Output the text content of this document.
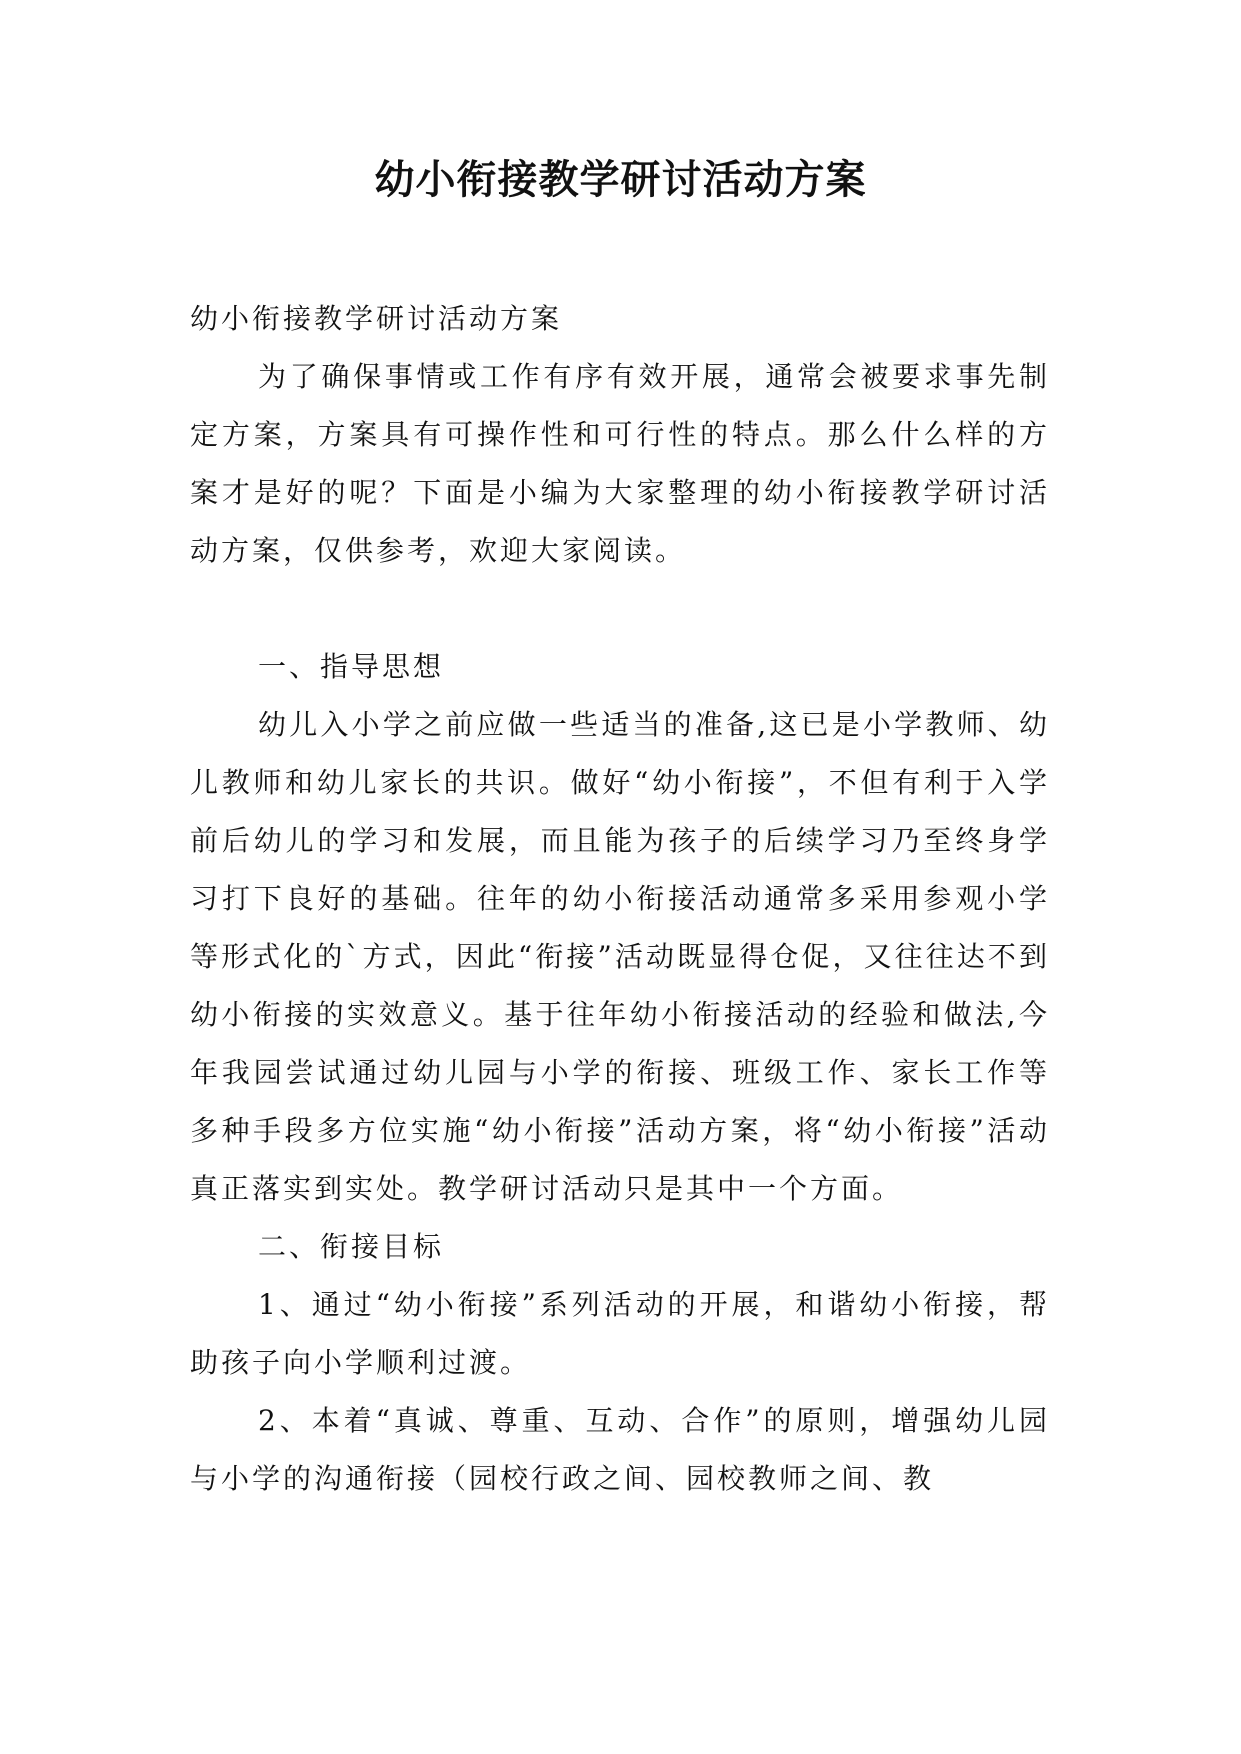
幼小衔接教学研讨活动方案

幼小衔接教学研讨活动方案

为了确保事情或工作有序有效开展，通常会被要求事先制定方案，方案具有可操作性和可行性的特点。那么什么样的方案才是好的呢？下面是小编为大家整理的幼小衔接教学研讨活动方案，仅供参考，欢迎大家阅读。

一、指导思想

幼儿入小学之前应做一些适当的准备,这已是小学教师、幼儿教师和幼儿家长的共识。做好“幼小衔接”，不但有利于入学前后幼儿的学习和发展，而且能为孩子的后续学习乃至终身学习打下良好的基础。往年的幼小衔接活动通常多采用参观小学等形式化的`方式，因此“衔接”活动既显得仓促，又往往达不到幼小衔接的实效意义。基于往年幼小衔接活动的经验和做法,今年我园尝试通过幼儿园与小学的衔接、班级工作、家长工作等多种手段多方位实施“幼小衔接”活动方案，将“幼小衔接”活动真正落实到实处。教学研讨活动只是其中一个方面。

二、衔接目标

1、通过“幼小衔接”系列活动的开展，和谐幼小衔接，帮助孩子向小学顺利过渡。

2、本着“真诚、尊重、互动、合作”的原则，增强幼儿园与小学的沟通衔接（园校行政之间、园校教师之间、教
